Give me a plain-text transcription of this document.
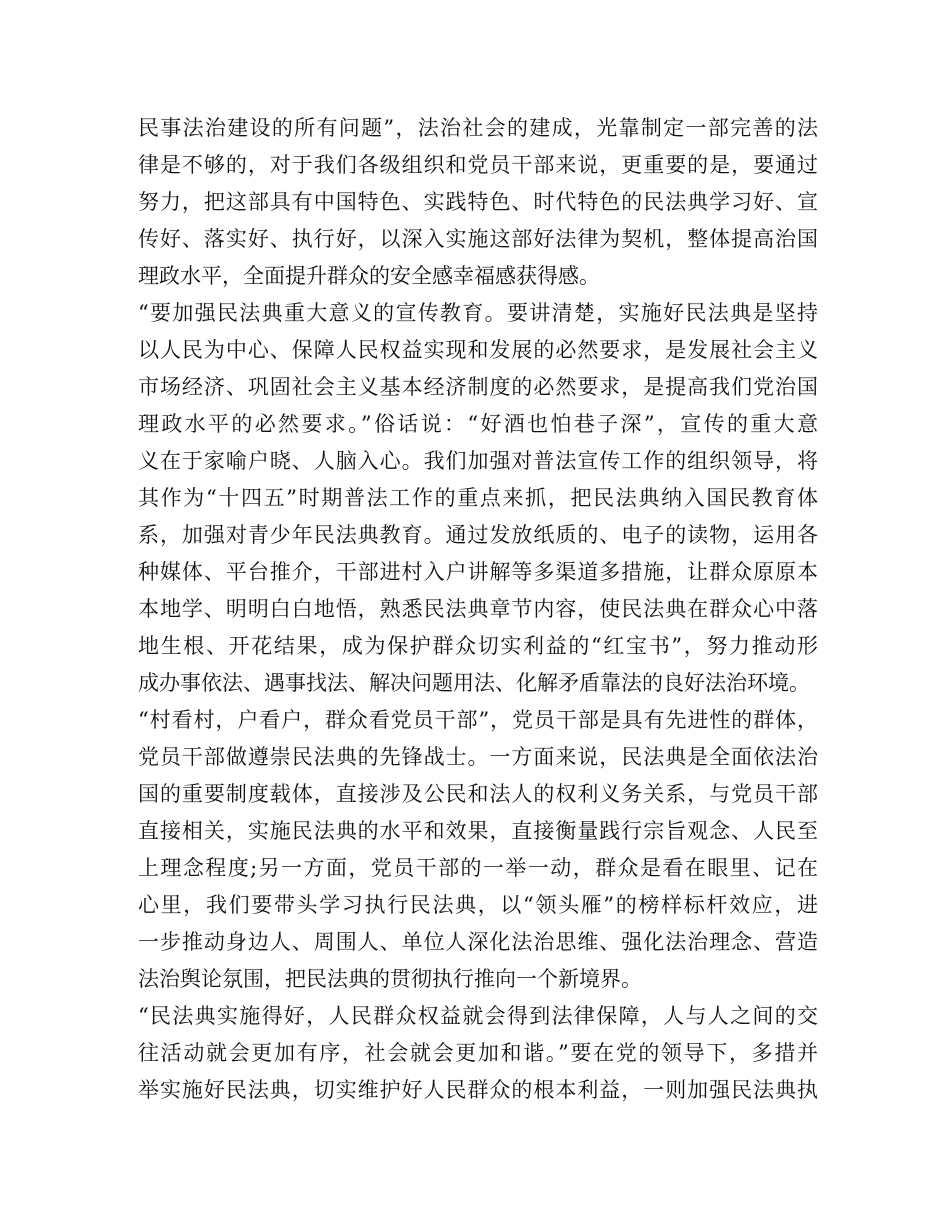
民事法治建设的所有问题”，法治社会的建成，光靠制定一部完善的法
律是不够的，对于我们各级组织和党员干部来说，更重要的是，要通过
努力，把这部具有中国特色、实践特色、时代特色的民法典学习好、宣
传好、落实好、执行好，以深入实施这部好法律为契机，整体提高治国
理政水平，全面提升群众的安全感幸福感获得感。
“要加强民法典重大意义的宣传教育。要讲清楚，实施好民法典是坚持
以人民为中心、保障人民权益实现和发展的必然要求，是发展社会主义
市场经济、巩固社会主义基本经济制度的必然要求，是提高我们党治国
理政水平的必然要求。”俗话说：“好酒也怕巷子深”，宣传的重大意
义在于家喻户晓、人脑入心。我们加强对普法宣传工作的组织领导，将
其作为“十四五”时期普法工作的重点来抓，把民法典纳入国民教育体
系，加强对青少年民法典教育。通过发放纸质的、电子的读物，运用各
种媒体、平台推介，干部进村入户讲解等多渠道多措施，让群众原原本
本地学、明明白白地悟，熟悉民法典章节内容，使民法典在群众心中落
地生根、开花结果，成为保护群众切实利益的“红宝书”，努力推动形
成办事依法、遇事找法、解决问题用法、化解矛盾靠法的良好法治环境。
“村看村，户看户，群众看党员干部”，党员干部是具有先进性的群体，
党员干部做遵崇民法典的先锋战士。一方面来说，民法典是全面依法治
国的重要制度载体，直接涉及公民和法人的权利义务关系，与党员干部
直接相关，实施民法典的水平和效果，直接衡量践行宗旨观念、人民至
上理念程度;另一方面，党员干部的一举一动，群众是看在眼里、记在
心里，我们要带头学习执行民法典，以“领头雁”的榜样标杆效应，进
一步推动身边人、周围人、单位人深化法治思维、强化法治理念、营造
法治舆论氛围，把民法典的贯彻执行推向一个新境界。
“民法典实施得好，人民群众权益就会得到法律保障，人与人之间的交
往活动就会更加有序，社会就会更加和谐。”要在党的领导下，多措并
举实施好民法典，切实维护好人民群众的根本利益，一则加强民法典执
